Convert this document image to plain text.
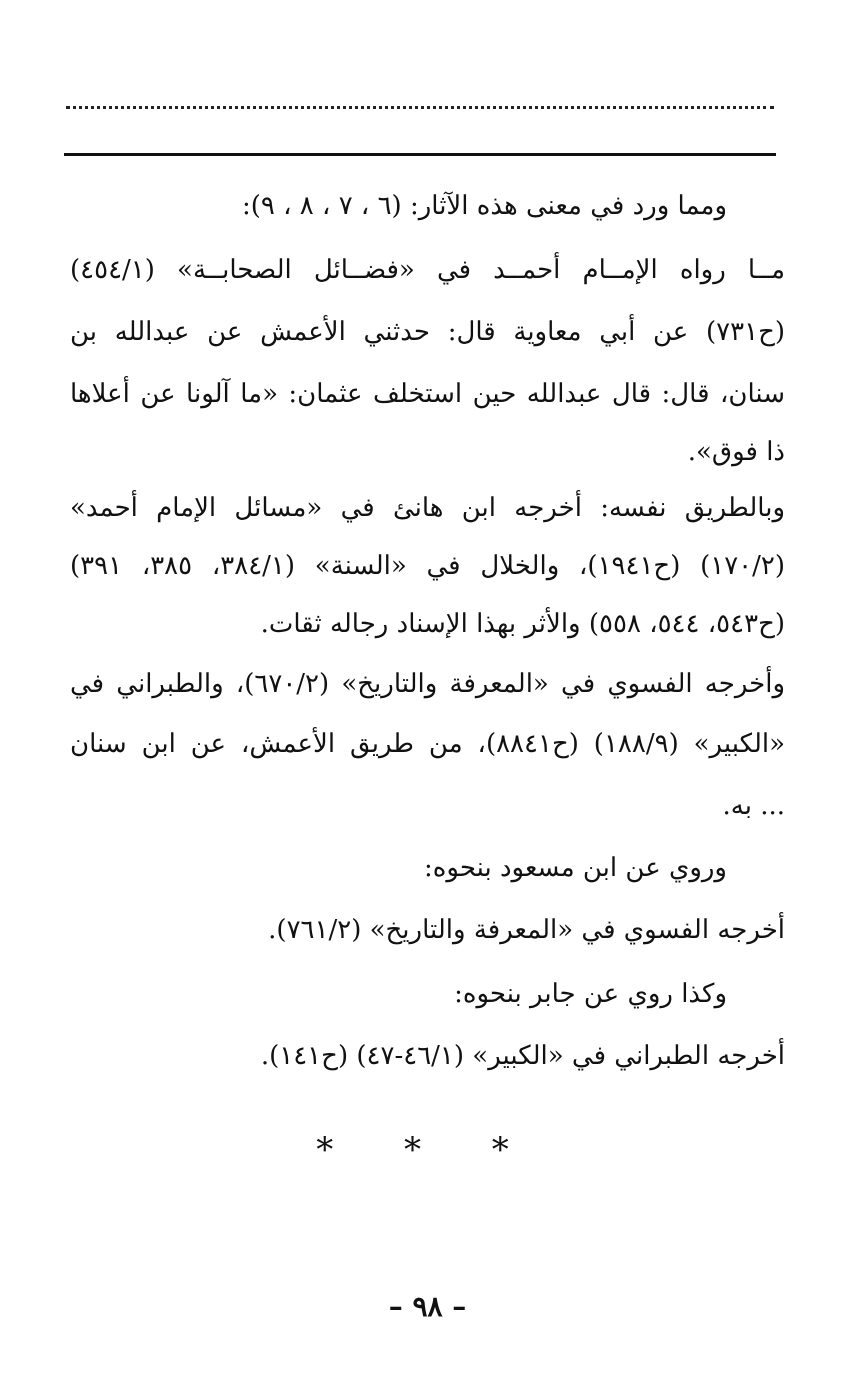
ومما ورد في معنى هذه الآثار: (٦ ، ٧ ، ٨ ، ٩):
مــا رواه الإمــام أحمــد في «فضــائل الصحابــة» (٤٥٤/١)
(ح٧٣١) عن أبي معاوية قال: حدثني الأعمش عن عبدالله بن
سنان، قال: قال عبدالله حين استخلف عثمان: «ما آلونا عن أعلاها
ذا فوق».
وبالطريق نفسه: أخرجه ابن هانئ في «مسائل الإمام أحمد»
(١٧٠/٢) (ح١٩٤١)، والخلال في «السنة» (٣٨٤/١، ٣٨٥، ٣٩١)
(ح٥٤٣، ٥٤٤، ٥٥٨) والأثر بهذا الإسناد رجاله ثقات.
وأخرجه الفسوي في «المعرفة والتاريخ» (٦٧٠/٢)، والطبراني في
«الكبير» (١٨٨/٩) (ح٨٨٤١)، من طريق الأعمش، عن ابن سنان
... به.
وروي عن ابن مسعود بنحوه:
أخرجه الفسوي في «المعرفة والتاريخ» (٧٦١/٢).
وكذا روي عن جابر بنحوه:
أخرجه الطبراني في «الكبير» (٤٦/١-٤٧) (ح١٤١).
* * *
– ٩٨ –
